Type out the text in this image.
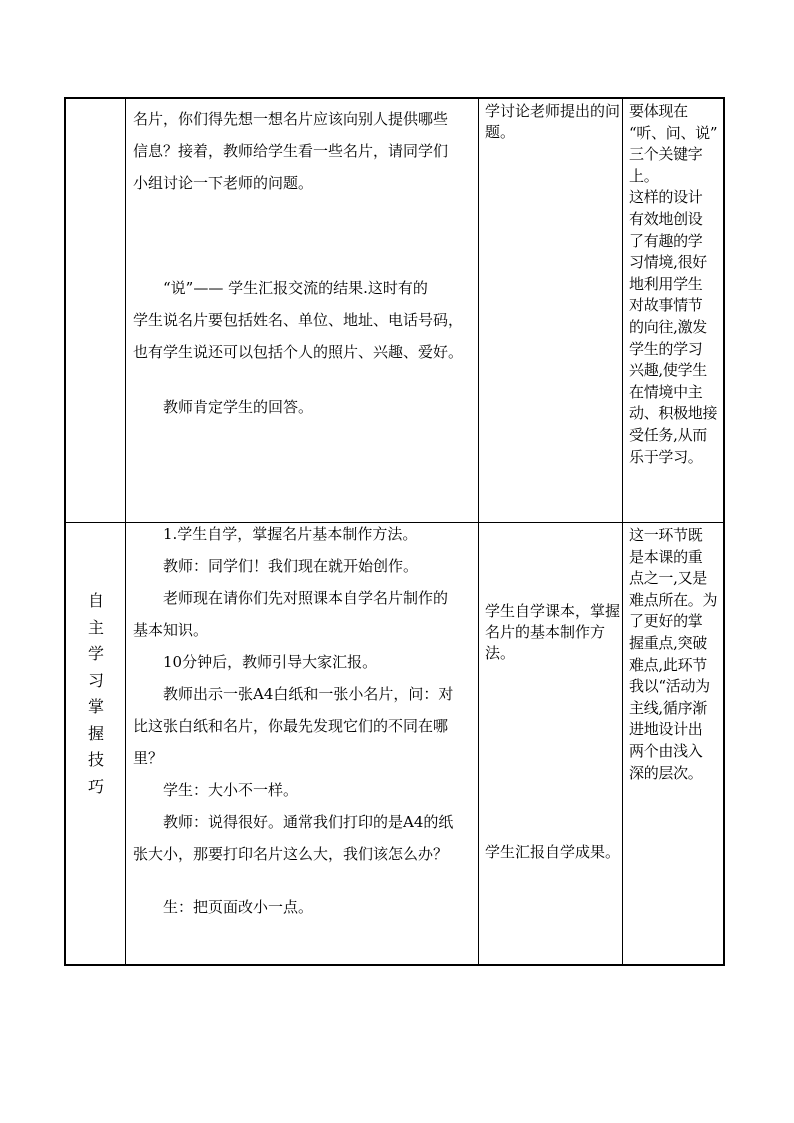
名片，你们得先想一想名片应该向别人提供哪些

信息？接着，教师给学生看一些名片，请同学们

小组讨论一下老师的问题。

“说”—— 学生汇报交流的结果.这时有的

学生说名片要包括姓名、单位、地址、电话号码，

也有学生说还可以包括个人的照片、兴趣、爱好。

教师肯定学生的回答。

学讨论老师提出的问题。
要体现在
“听、问、说”
三个关键字
上。
这样的设计
有效地创设
了有趣的学
习情境,很好
地利用学生
对故事情节
的向往,激发
学生的学习
兴趣,使学生
在情境中主
动、积极地接
受任务,从而
乐于学习。
自
主
学
习
掌
握
技
巧

1.学生自学，掌握名片基本制作方法。

教师：同学们！我们现在就开始创作。

老师现在请你们先对照课本自学名片制作的

基本知识。

10分钟后，教师引导大家汇报。

教师出示一张A4白纸和一张小名片，问：对

比这张白纸和名片，你最先发现它们的不同在哪

里？

学生：大小不一样。

教师：说得很好。通常我们打印的是A4的纸

张大小，那要打印名片这么大，我们该怎么办？

生：把页面改小一点。

学生自学课本，掌握名片的基本制作方法。
学生汇报自学成果。
这一环节既
是本课的重
点之一,又是
难点所在。为
了更好的掌
握重点,突破
难点,此环节
我以“活动为
主线,循序渐
进地设计出
两个由浅入
深的层次。
